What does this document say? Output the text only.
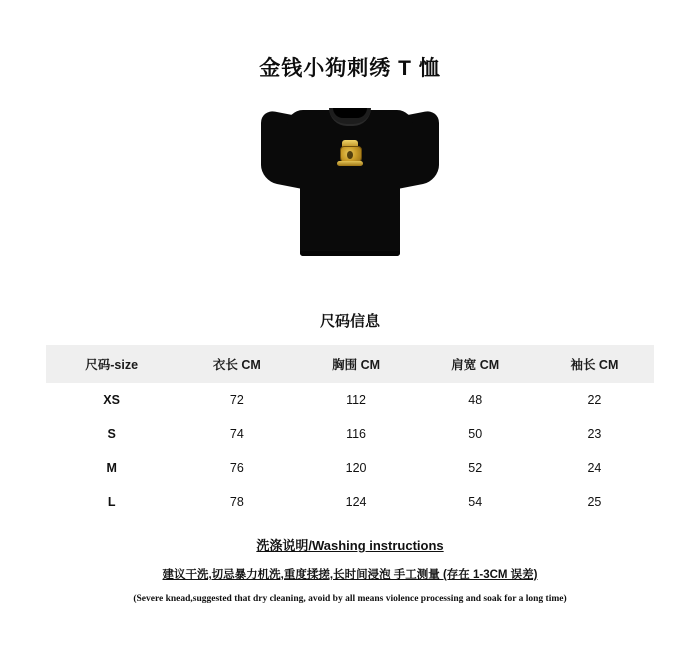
金钱小狗刺绣 T 恤
尺码信息
尺码-size	衣长 CM	胸围 CM	肩宽 CM	袖长 CM
XS	72	112	48	22
S	74	116	50	23
M	76	120	52	24
L	78	124	54	25
洗涤说明/Washing instructions
建议干洗,切忌暴力机洗,重度揉搓,长时间浸泡 手工测量 (存在 1-3CM 误差)
(Severe knead,suggested that dry cleaning, avoid by all means violence processing and soak for a long time)
